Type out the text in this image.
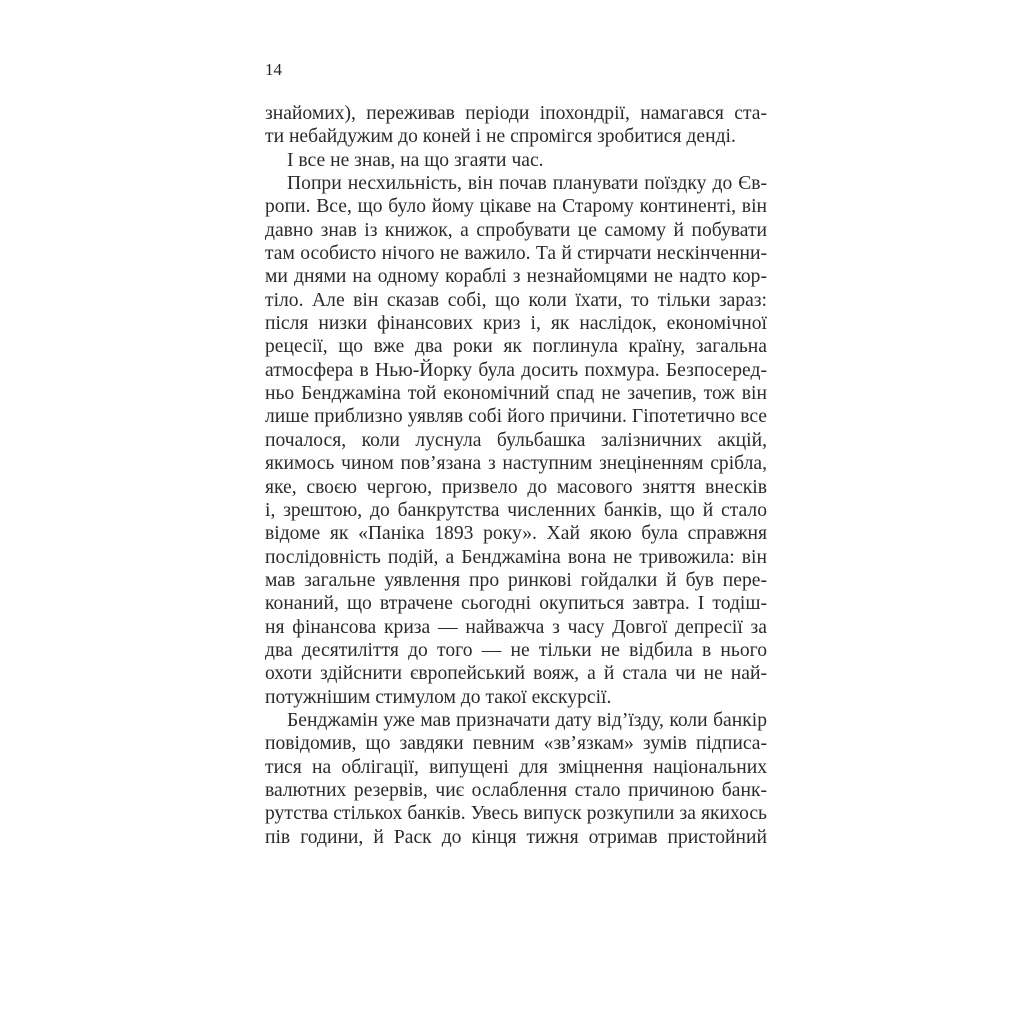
14
знайомих), переживав періоди іпохондрії, намагався ста-
ти небайдужим до коней і не спромігся зробитися денді.
І все не знав, на що згаяти час.
Попри несхильність, він почав планувати поїздку до Єв-
ропи. Все, що було йому цікаве на Старому континенті, він
давно знав із книжок, а спробувати це самому й побувати
там особисто нічого не важило. Та й стирчати нескінченни-
ми днями на одному кораблі з незнайомцями не надто кор-
тіло. Але він сказав собі, що коли їхати, то тільки зараз:
після низки фінансових криз і, як наслідок, економічної
рецесії, що вже два роки як поглинула країну, загальна
атмосфера в Нью-Йорку була досить похмура. Безпосеред-
ньо Бенджаміна той економічний спад не зачепив, тож він
лише приблизно уявляв собі його причини. Гіпотетично все
почалося, коли луснула бульбашка залізничних акцій,
якимось чином пов’язана з наступним знеціненням срібла,
яке, своєю чергою, призвело до масового зняття внесків
і, зрештою, до банкрутства численних банків, що й стало
відоме як «Паніка 1893 року». Хай якою була справжня
послідовність подій, а Бенджаміна вона не тривожила: він
мав загальне уявлення про ринкові гойдалки й був пере-
конаний, що втрачене сьогодні окупиться завтра. І тодіш-
ня фінансова криза — найважча з часу Довгої депресії за
два десятиліття до того — не тільки не відбила в нього
охоти здійснити європейський вояж, а й стала чи не най-
потужнішим стимулом до такої екскурсії.
Бенджамін уже мав призначати дату від’їзду, коли банкір
повідомив, що завдяки певним «зв’язкам» зумів підписа-
тися на облігації, випущені для зміцнення національних
валютних резервів, чиє ослаблення стало причиною банк-
рутства стількох банків. Увесь випуск розкупили за якихось
пів години, й Раск до кінця тижня отримав пристойний
